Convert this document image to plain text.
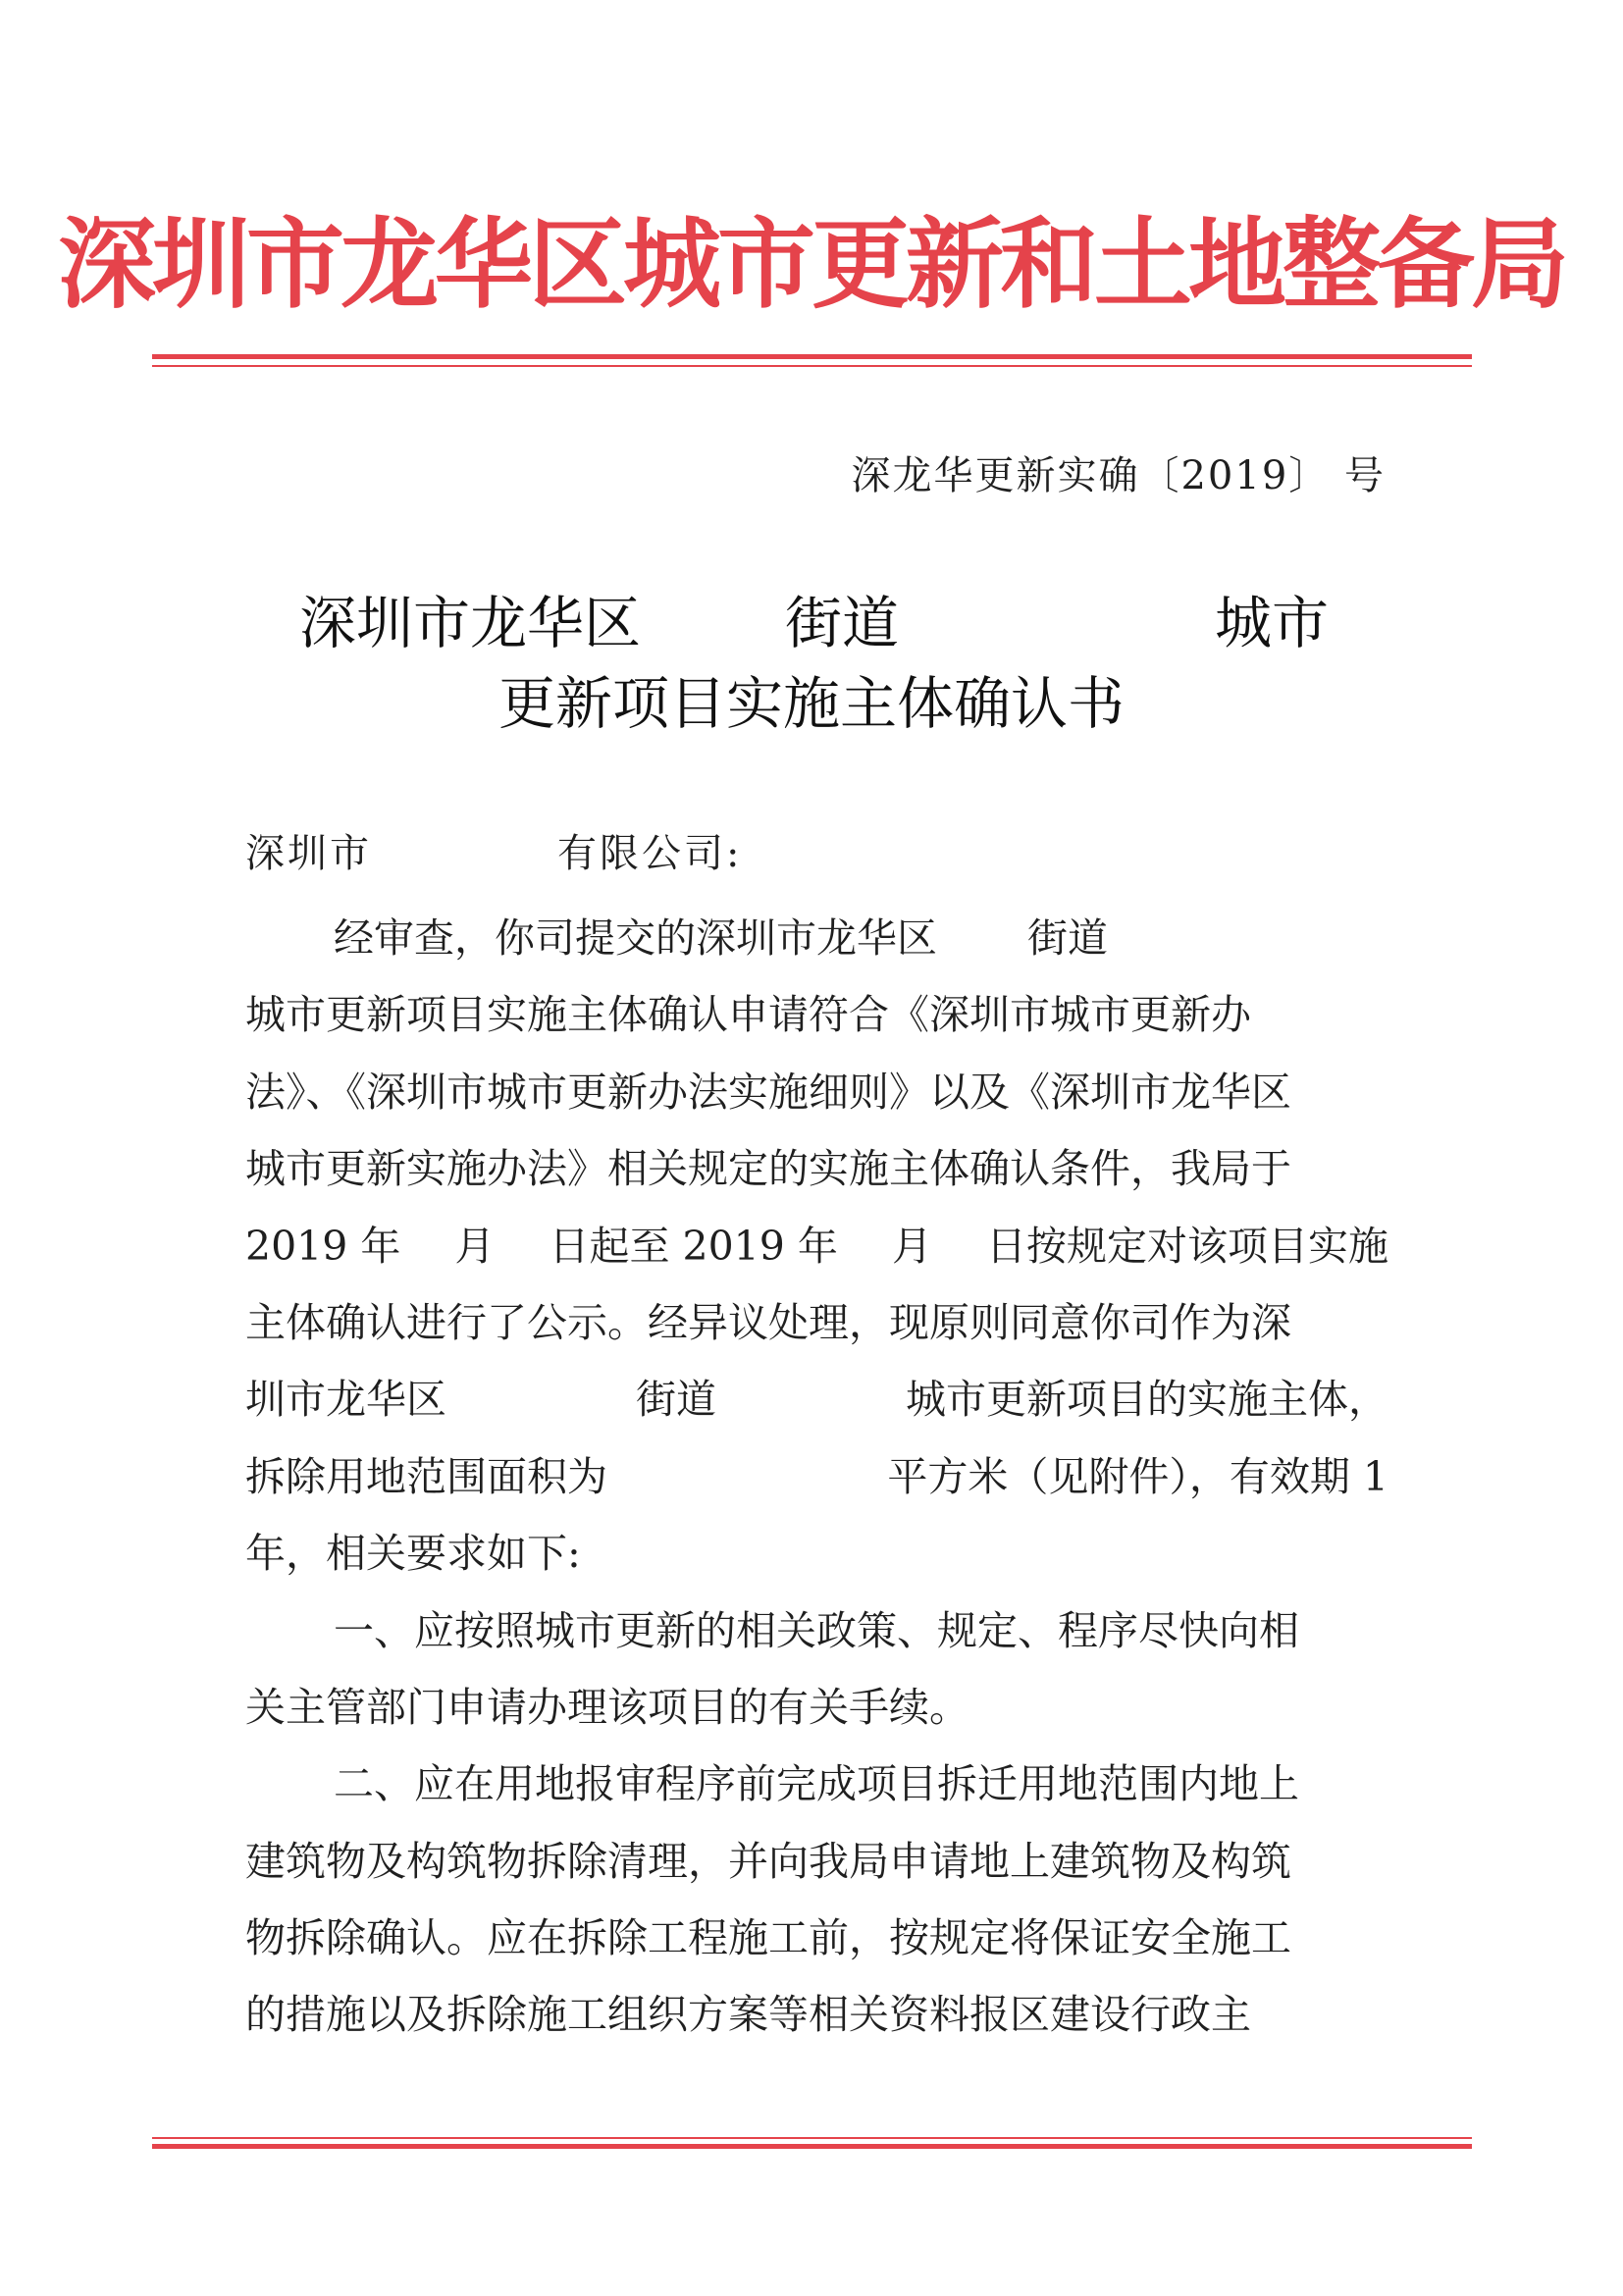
深圳市龙华区城市更新和土地整备局
深龙华更新实确〔2019〕 号
深圳市龙华区	街道	城市
更新项目实施主体确认书
深圳市	有限公司:
经审查，你司提交的深圳市龙华区 街道
城市更新项目实施主体确认申请符合《深圳市城市更新办
法》、《深圳市城市更新办法实施细则》以及《深圳市龙华区
城市更新实施办法》相关规定的实施主体确认条件，我局于
2019 年 月 日起至 2019 年 月 日按规定对该项目实施
主体确认进行了公示。经异议处理，现原则同意你司作为深
圳市龙华区	街道	城市更新项目的实施主体，
拆除用地范围面积为	平方米（见附件），有效期 1
年，相关要求如下:
一、应按照城市更新的相关政策、规定、程序尽快向相
关主管部门申请办理该项目的有关手续。
二、应在用地报审程序前完成项目拆迁用地范围内地上
建筑物及构筑物拆除清理，并向我局申请地上建筑物及构筑
物拆除确认。应在拆除工程施工前，按规定将保证安全施工
的措施以及拆除施工组织方案等相关资料报区建设行政主
